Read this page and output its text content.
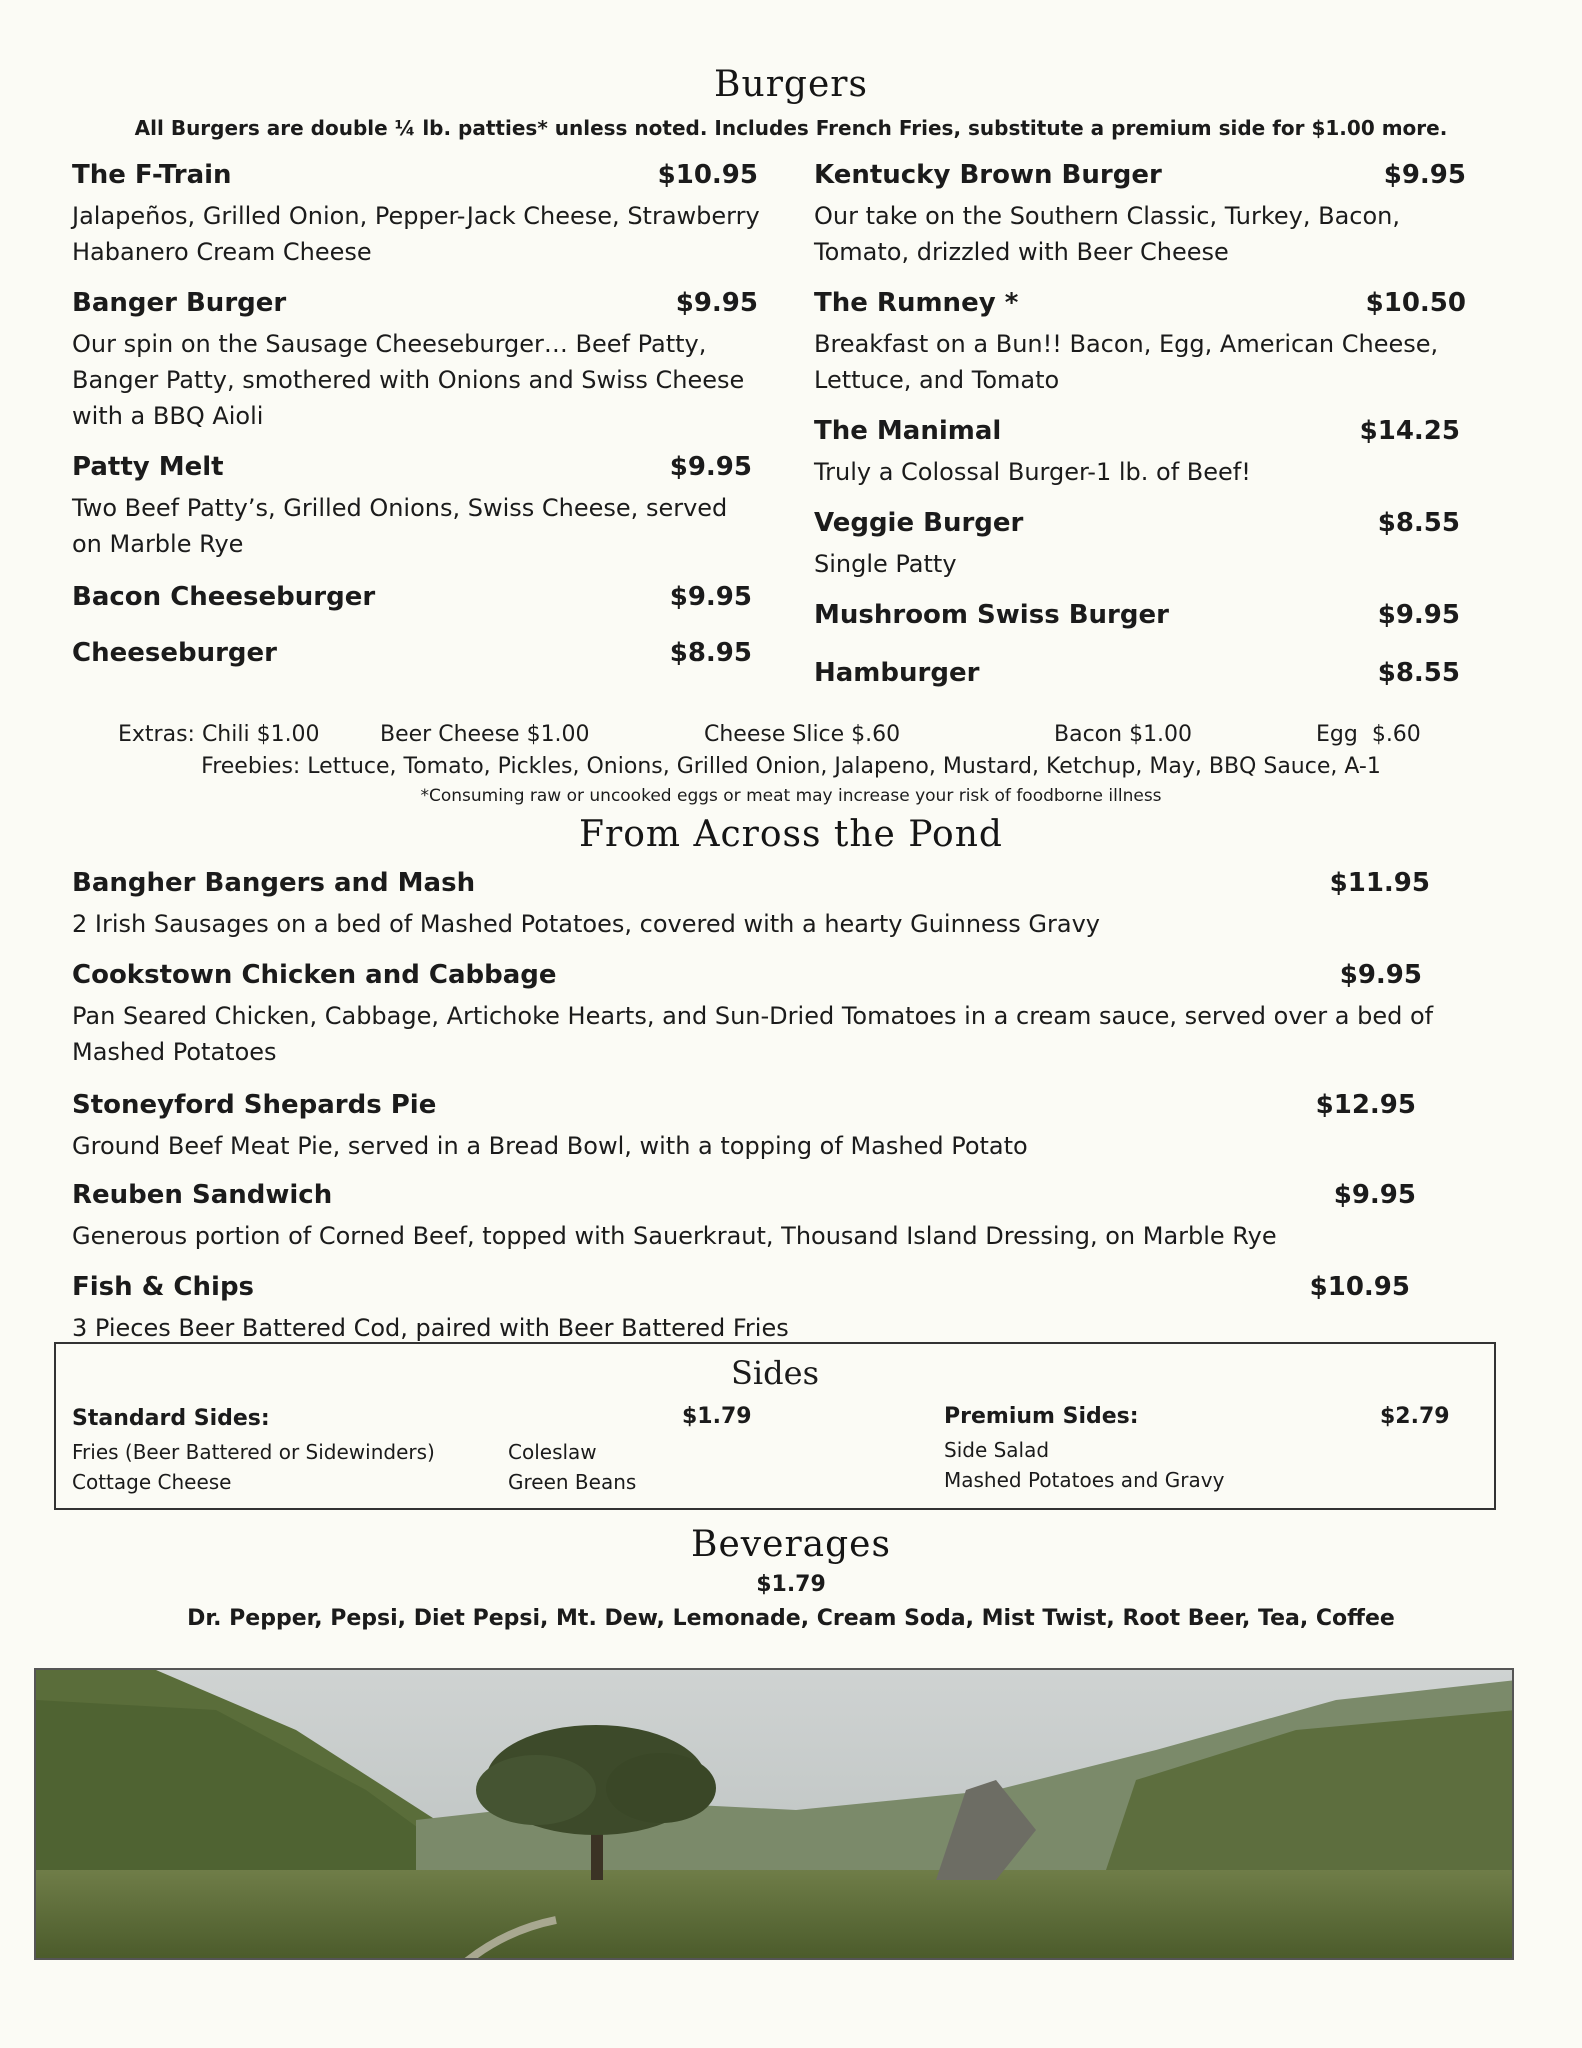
Burgers
All Burgers are double ¼ lb. patties* unless noted. Includes French Fries, substitute a premium side for $1.00 more.
The F-Train	$10.95
Jalapeños, Grilled Onion, Pepper-Jack Cheese, Strawberry Habanero Cream Cheese
Banger Burger	$9.95
Our spin on the Sausage Cheeseburger… Beef Patty, Banger Patty, smothered with Onions and Swiss Cheese with a BBQ Aioli
Patty Melt	$9.95
Two Beef Patty’s, Grilled Onions, Swiss Cheese, served on Marble Rye
Bacon Cheeseburger	$9.95
Cheeseburger	$8.95
Kentucky Brown Burger	$9.95
Our take on the Southern Classic, Turkey, Bacon, Tomato, drizzled with Beer Cheese
The Rumney *	$10.50
Breakfast on a Bun!! Bacon, Egg, American Cheese, Lettuce, and Tomato
The Manimal	$14.25
Truly a Colossal Burger-1 lb. of Beef!
Veggie Burger	$8.55
Single Patty
Mushroom Swiss Burger	$9.95
Hamburger	$8.55
Extras: Chili $1.00	Beer Cheese $1.00	Cheese Slice $.60	Bacon $1.00	Egg  $.60
Freebies: Lettuce, Tomato, Pickles, Onions, Grilled Onion, Jalapeno, Mustard, Ketchup, May, BBQ Sauce, A-1
*Consuming raw or uncooked eggs or meat may increase your risk of foodborne illness
From Across the Pond
Bangher Bangers and Mash	$11.95
2 Irish Sausages on a bed of Mashed Potatoes, covered with a hearty Guinness Gravy
Cookstown Chicken and Cabbage	$9.95
Pan Seared Chicken, Cabbage, Artichoke Hearts, and Sun-Dried Tomatoes in a cream sauce, served over a bed of Mashed Potatoes
Stoneyford Shepards Pie	$12.95
Ground Beef Meat Pie, served in a Bread Bowl, with a topping of Mashed Potato
Reuben Sandwich	$9.95
Generous portion of Corned Beef, topped with Sauerkraut, Thousand Island Dressing, on Marble Rye
Fish & Chips	$10.95
3 Pieces Beer Battered Cod, paired with Beer Battered Fries
Sides
Standard Sides:	$1.79
Fries (Beer Battered or Sidewinders)
Cottage Cheese
Coleslaw
Green Beans
Premium Sides:	$2.79
Side Salad
Mashed Potatoes and Gravy
Beverages
$1.79
Dr. Pepper, Pepsi, Diet Pepsi, Mt. Dew, Lemonade, Cream Soda, Mist Twist, Root Beer, Tea, Coffee
